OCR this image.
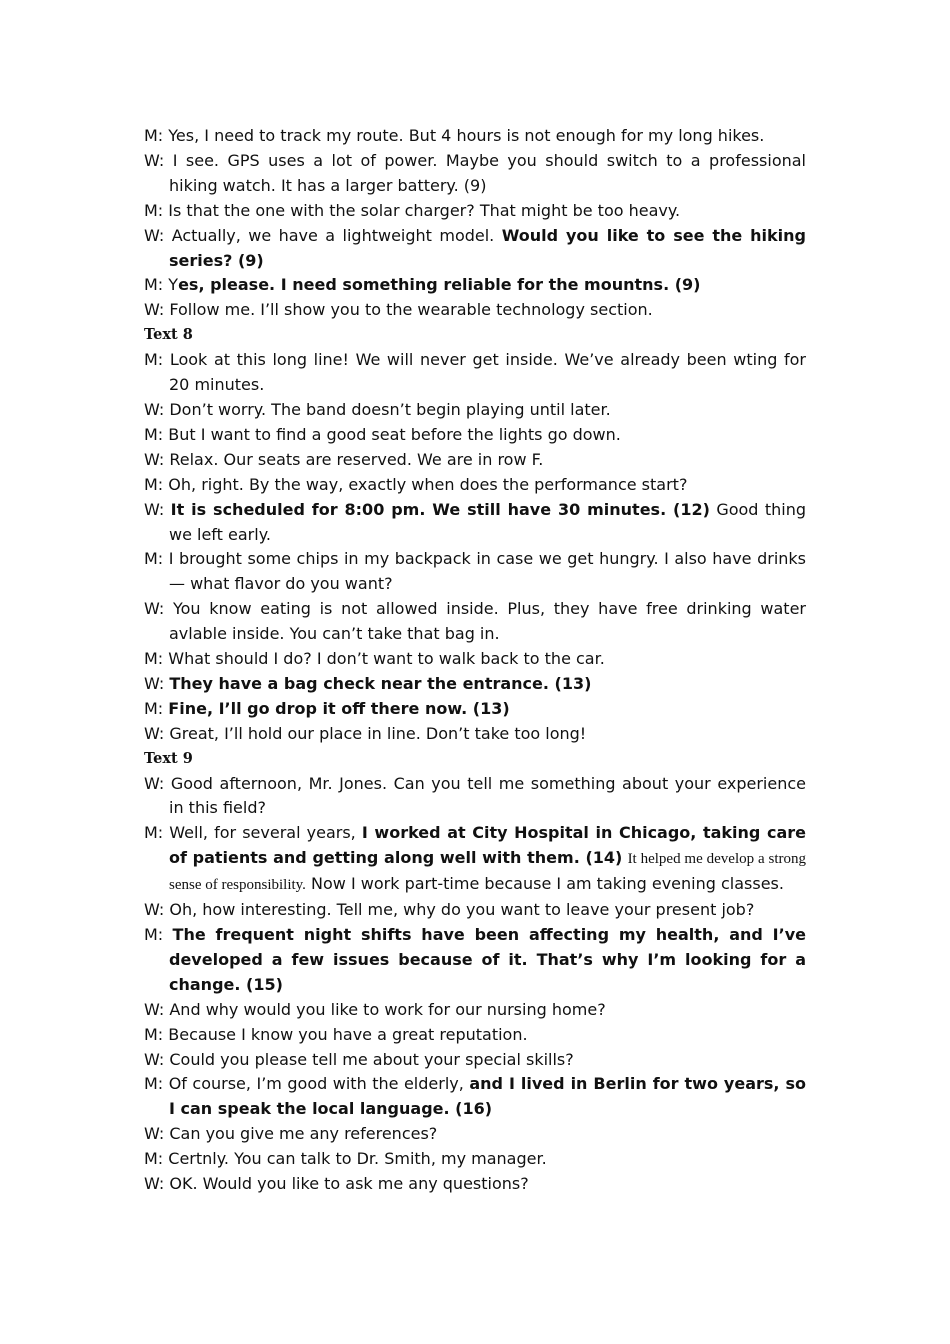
M: Yes, I need to track my route. But 4 hours is not enough for my long hikes.
W: I see. GPS uses a lot of power. Maybe you should switch to a professional hiking watch. It has a larger battery. (9)
M: Is that the one with the solar charger? That might be too heavy.
W: Actually, we have a lightweight model. Would you like to see the hiking series? (9)
M: Yes, please. I need something reliable for the mountns. (9)
W: Follow me. I’ll show you to the wearable technology section.
Text 8
M: Look at this long line! We will never get inside. We’ve already been wting for 20 minutes.
W: Don’t worry. The band doesn’t begin playing until later.
M: But I want to find a good seat before the lights go down.
W: Relax. Our seats are reserved. We are in row F.
M: Oh, right. By the way, exactly when does the performance start?
W: It is scheduled for 8:00 pm. We still have 30 minutes. (12) Good thing we left early.
M: I brought some chips in my backpack in case we get hungry. I also have drinks — what flavor do you want?
W: You know eating is not allowed inside. Plus, they have free drinking water avlable inside. You can’t take that bag in.
M: What should I do? I don’t want to walk back to the car.
W: They have a bag check near the entrance. (13)
M: Fine, I’ll go drop it off there now. (13)
W: Great, I’ll hold our place in line. Don’t take too long!
Text 9
W: Good afternoon, Mr. Jones. Can you tell me something about your experience in this field?
M: Well, for several years, I worked at City Hospital in Chicago, taking care of patients and getting along well with them. (14) It helped me develop a strong sense of responsibility. Now I work part-time because I am taking evening classes.
W: Oh, how interesting. Tell me, why do you want to leave your present job?
M: The frequent night shifts have been affecting my health, and I’ve developed a few issues because of it. That’s why I’m looking for a change. (15)
W: And why would you like to work for our nursing home?
M: Because I know you have a great reputation.
W: Could you please tell me about your special skills?
M: Of course, I’m good with the elderly, and I lived in Berlin for two years, so I can speak the local language. (16)
W: Can you give me any references?
M: Certnly. You can talk to Dr. Smith, my manager.
W: OK. Would you like to ask me any questions?
